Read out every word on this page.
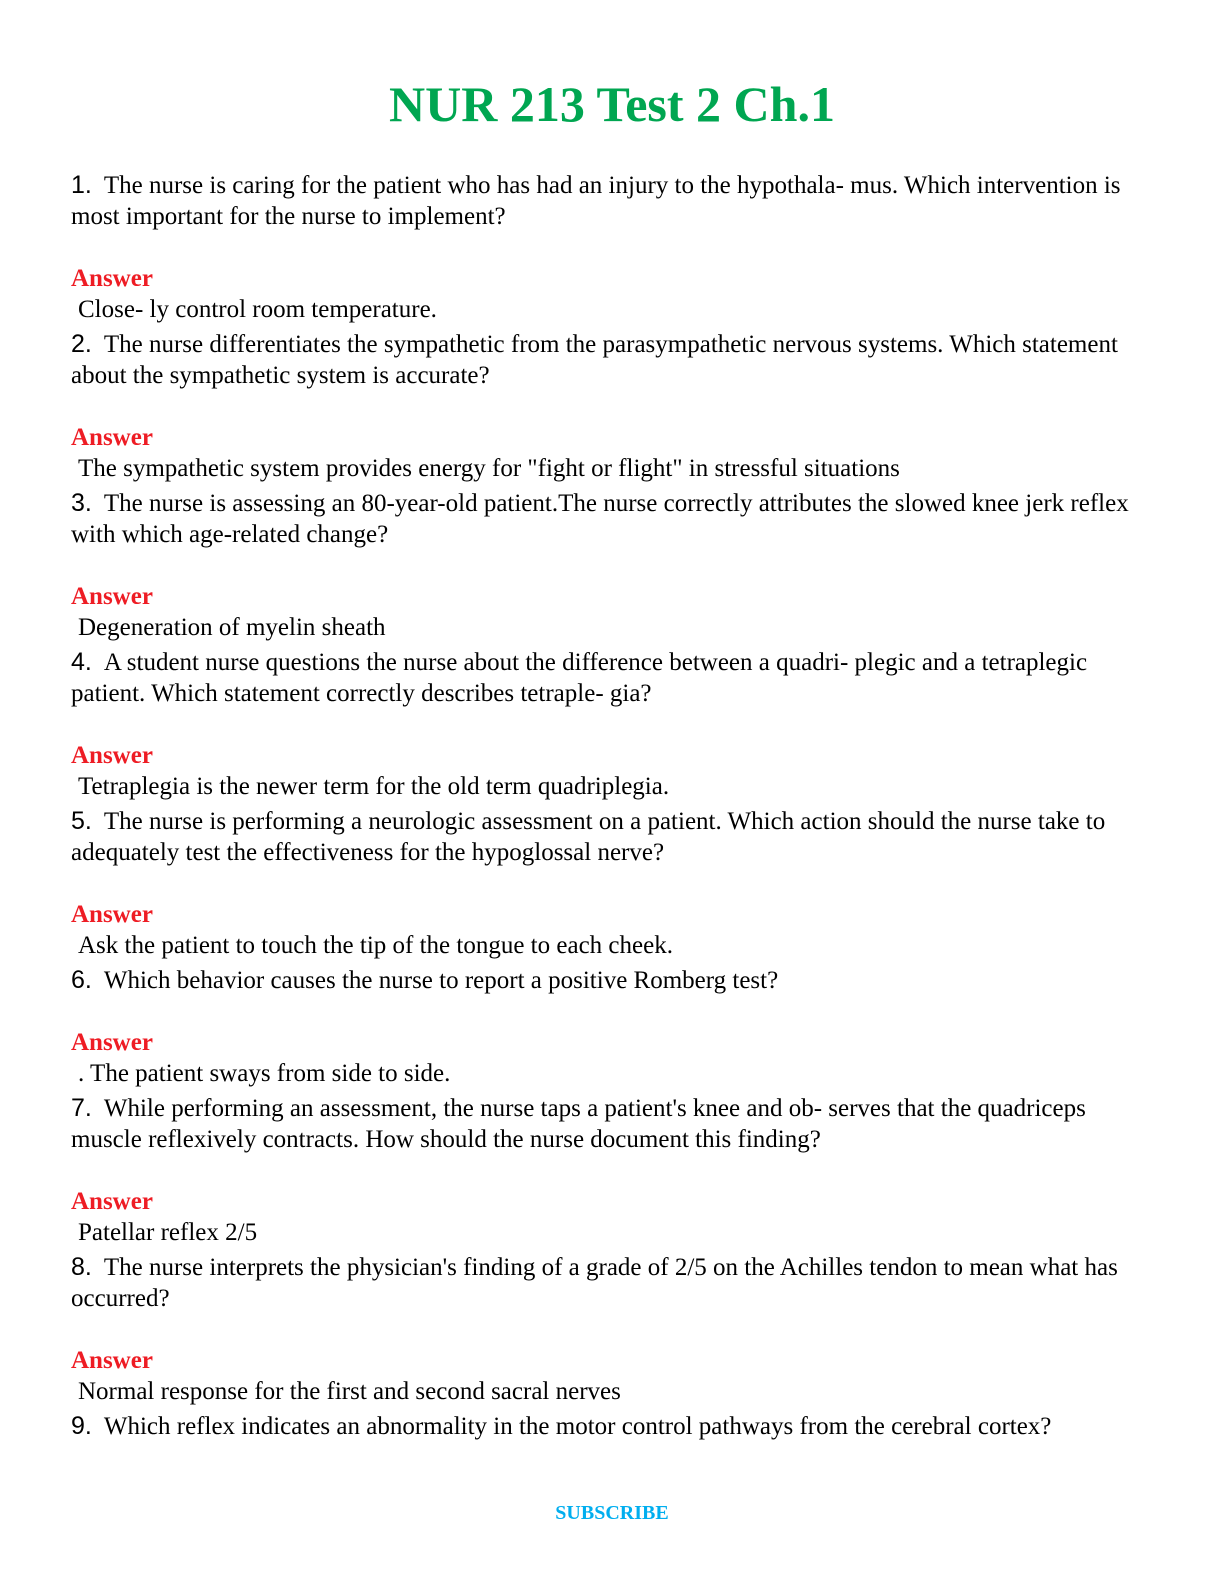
NUR 213 Test 2 Ch.1

1. The nurse is caring for the patient who has had an injury to the hypothala- mus. Which intervention is most important for the nurse to implement?

Answer
Close- ly control room temperature.

2. The nurse differentiates the sympathetic from the parasympathetic nervous systems. Which statement about the sympathetic system is accurate?

Answer
The sympathetic system provides energy for "fight or flight" in stressful situations

3. The nurse is assessing an 80-year-old patient.The nurse correctly attributes the slowed knee jerk reflex with which age-related change?

Answer
Degeneration of myelin sheath

4. A student nurse questions the nurse about the difference between a quadri- plegic and a tetraplegic patient. Which statement correctly describes tetraple- gia?

Answer
Tetraplegia is the newer term for the old term quadriplegia.

5. The nurse is performing a neurologic assessment on a patient. Which action should the nurse take to adequately test the effectiveness for the hypoglossal nerve?

Answer
Ask the patient to touch the tip of the tongue to each cheek.

6. Which behavior causes the nurse to report a positive Romberg test?

Answer
. The patient sways from side to side.

7. While performing an assessment, the nurse taps a patient's knee and ob- serves that the quadriceps muscle reflexively contracts. How should the nurse document this finding?

Answer
Patellar reflex 2/5

8. The nurse interprets the physician's finding of a grade of 2/5 on the Achilles tendon to mean what has occurred?

Answer
Normal response for the first and second sacral nerves

9. Which reflex indicates an abnormality in the motor control pathways from the cerebral cortex?

SUBSCRIBE
